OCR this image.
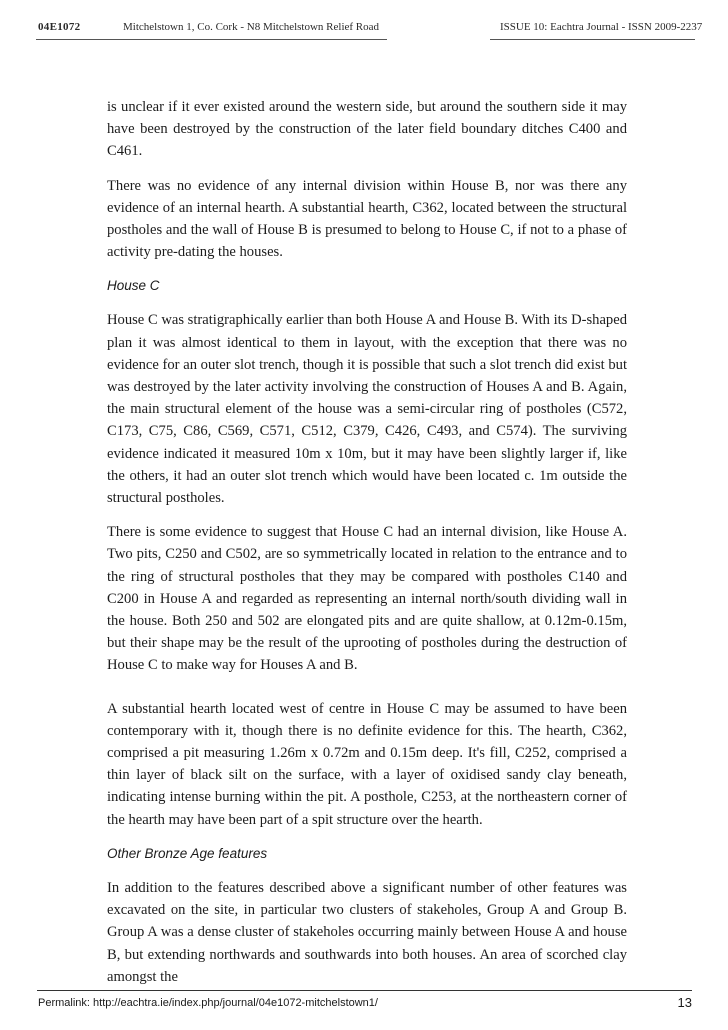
04E1072	Mitchelstown 1, Co. Cork - N8 Mitchelstown Relief Road	ISSUE 10: Eachtra Journal - ISSN 2009-2237

is unclear if it ever existed around the western side, but around the southern side it may have been destroyed by the construction of the later field boundary ditches C400 and C461.

There was no evidence of any internal division within House B, nor was there any evidence of an internal hearth. A substantial hearth, C362, located between the structural postholes and the wall of House B is presumed to belong to House C, if not to a phase of activity pre-dating the houses.

House C

House C was stratigraphically earlier than both House A and House B. With its D-shaped plan it was almost identical to them in layout, with the exception that there was no evidence for an outer slot trench, though it is possible that such a slot trench did exist but was destroyed by the later activity involving the construction of Houses A and B. Again, the main structural element of the house was a semi-circular ring of postholes (C572, C173, C75, C86, C569, C571, C512, C379, C426, C493, and C574). The surviving evidence indicated it measured 10m x 10m, but it may have been slightly larger if, like the others, it had an outer slot trench which would have been located c. 1m outside the structural postholes.

There is some evidence to suggest that House C had an internal division, like House A. Two pits, C250 and C502, are so symmetrically located in relation to the entrance and to the ring of structural postholes that they may be compared with postholes C140 and C200 in House A and regarded as representing an internal north/south dividing wall in the house. Both 250 and 502 are elongated pits and are quite shallow, at 0.12m-0.15m, but their shape may be the result of the uprooting of postholes during the destruction of House C to make way for Houses A and B.

A substantial hearth located west of centre in House C may be assumed to have been contemporary with it, though there is no definite evidence for this. The hearth, C362, comprised a pit measuring 1.26m x 0.72m and 0.15m deep. It's fill, C252, comprised a thin layer of black silt on the surface, with a layer of oxidised sandy clay beneath, indicating intense burning within the pit. A posthole, C253, at the northeastern corner of the hearth may have been part of a spit structure over the hearth.

Other Bronze Age features

In addition to the features described above a significant number of other features was excavated on the site, in particular two clusters of stakeholes, Group A and Group B. Group A was a dense cluster of stakeholes occurring mainly between House A and house B, but extending northwards and southwards into both houses. An area of scorched clay amongst the

Permalink: http://eachtra.ie/index.php/journal/04e1072-mitchelstown1/	13
